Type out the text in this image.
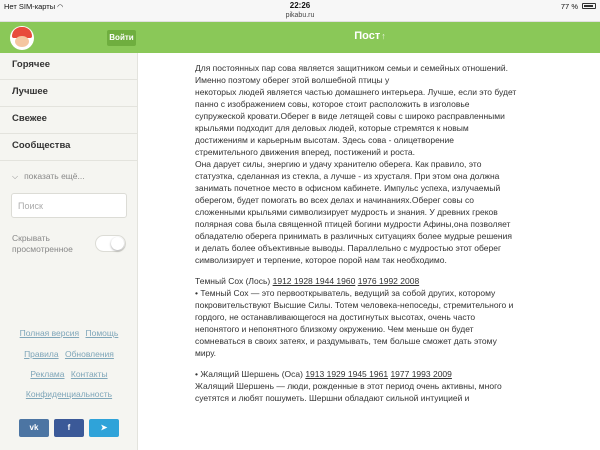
Нет SIM-карты ◠	22:26	77 %
pikabu.ru
Войти	Пост↑
Горячее
Лучшее
Свежее
Сообщества
⌵ показать ещё...
Поиск
Скрывать просмотренное
Полная версия Помощь
Правила Обновления
Реклама Контакты
Конфиденциальность
vk	f	➤

Для постоянных пар сова является защитником семьи и семейных отношений.

Именно поэтому оберег этой волшебной птицы у

некоторых людей является частью домашнего интерьера. Лучше, если это будет

панно с изображением совы, которое стоит расположить в изголовье

супружеской кровати.Оберег в виде летящей совы с широко расправленными

крыльями подходит для деловых людей, которые стремятся к новым

достижениям и карьерным высотам. Здесь сова - олицетворение

стремительного движения вперед, постижений и роста.

Она дарует силы, энергию и удачу хранителю оберега. Как правило, это

статуэтка, сделанная из стекла, а лучше - из хрусталя. При этом она должна

занимать почетное место в офисном кабинете. Импульс успеха, излучаемый

оберегом, будет помогать во всех делах и начинаниях.Оберег совы со

сложенными крыльями символизирует мудрость и знания. У древних греков

полярная сова была священной птицей богини мудрости Афины,она позволяет

обладателю оберега принимать в различных ситуациях более мудрые решения

и делать более объективные выводы. Параллельно с мудростью этот оберег

символизирует и терпение, которое порой нам так необходимо.

Темный Сох (Лось) 1912 1928 1944 1960 1976 1992 2008

• Темный Сох — это первооткрыватель, ведущий за собой других, которому

покровительствуют Высшие Силы. Тотем человека-непоседы, стремительного и

гордого, не останавливающегося на достигнутых высотах, очень часто

непонятого и непонятного близкому окружению. Чем меньше он будет

сомневаться в своих затеях, и раздумывать, тем больше сможет дать этому

миру.

• Жалящий Шершень (Оса) 1913 1929 1945 1961 1977 1993 2009

Жалящий Шершень — люди, рожденные в этот период очень активны, много

суетятся и любят пошуметь. Шершни обладают сильной интуицией и
